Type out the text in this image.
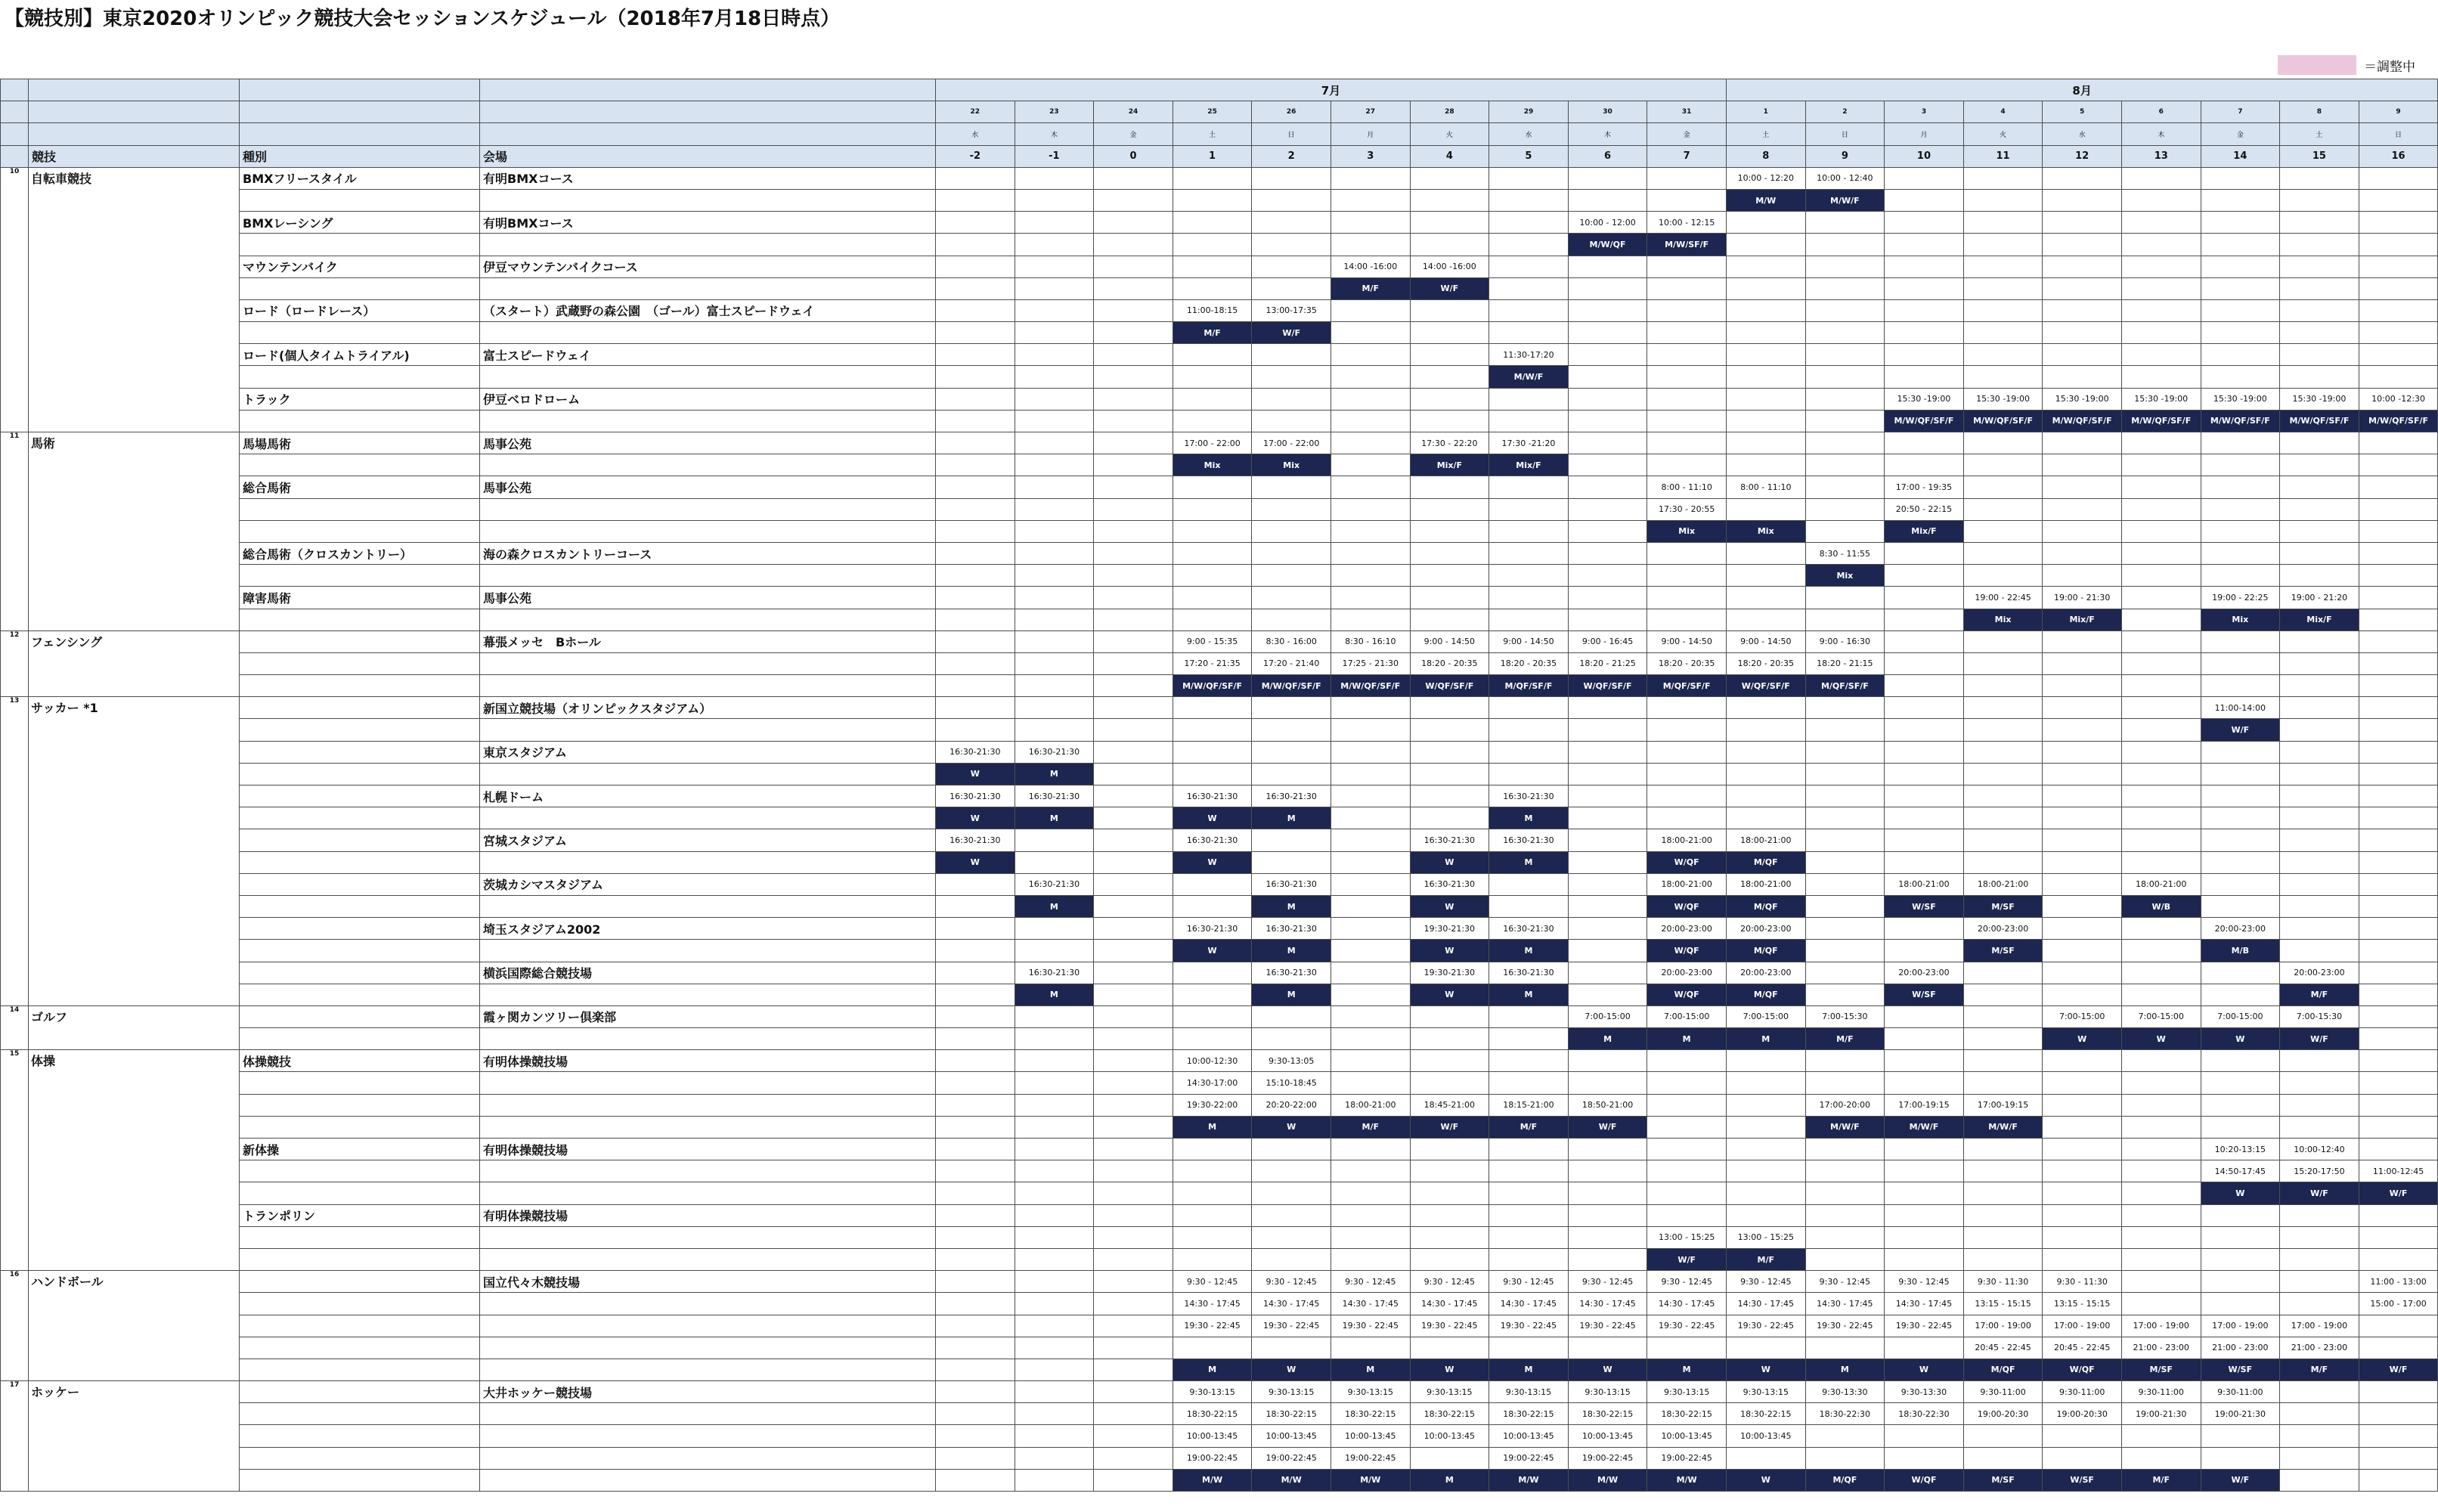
【競技別】東京2020オリンピック競技大会セッションスケジュール（2018年7月18日時点）
＝調整中
				7月										8月								
				22	23	24	25	26	27	28	29	30	31	1	2	3	4	5	6	7	8	9
				水	木	金	土	日	月	火	水	木	金	土	日	月	火	水	木	金	土	日
	競技	種別	会場	-2	-1	0	1	2	3	4	5	6	7	8	9	10	11	12	13	14	15	16
10	自転車競技	BMXフリースタイル	有明BMXコース											10:00 - 12:20	10:00 - 12:40							
														M/W	M/W/F							
		BMXレーシング	有明BMXコース									10:00 - 12:00	10:00 - 12:15									
												M/W/QF	M/W/SF/F									
		マウンテンバイク	伊豆マウンテンバイクコース						14:00 -16:00	14:00 -16:00												
									M/F	W/F												
		ロード（ロードレース）	（スタート）武蔵野の森公園　（ゴール）富士スピードウェイ				11:00-18:15	13:00-17:35														
							M/F	W/F														
		ロード(個人タイムトライアル)	富士スピードウェイ								11:30-17:20											
											M/W/F											
		トラック	伊豆ベロドローム													15:30 -19:00	15:30 -19:00	15:30 -19:00	15:30 -19:00	15:30 -19:00	15:30 -19:00	10:00 -12:30
																M/W/QF/SF/F	M/W/QF/SF/F	M/W/QF/SF/F	M/W/QF/SF/F	M/W/QF/SF/F	M/W/QF/SF/F	M/W/QF/SF/F
11	馬術	馬場馬術	馬事公苑				17:00 - 22:00	17:00 - 22:00		17:30 - 22:20	17:30 -21:20											
							Mix	Mix		Mix/F	Mix/F											
		総合馬術	馬事公苑										8:00 - 11:10	8:00 - 11:10		17:00 - 19:35						
													17:30 - 20:55			20:50 - 22:15						
													Mix	Mix		Mix/F						
		総合馬術（クロスカントリー）	海の森クロスカントリーコース												8:30 - 11:55							
															Mix							
		障害馬術	馬事公苑														19:00 - 22:45	19:00 - 21:30		19:00 - 22:25	19:00 - 21:20	
																	Mix	Mix/F		Mix	Mix/F	
12	フェンシング		幕張メッセ　Bホール				9:00 - 15:35	8:30 - 16:00	8:30 - 16:10	9:00 - 14:50	9:00 - 14:50	9:00 - 16:45	9:00 - 14:50	9:00 - 14:50	9:00 - 16:30							
							17:20 - 21:35	17:20 - 21:40	17:25 - 21:30	18:20 - 20:35	18:20 - 20:35	18:20 - 21:25	18:20 - 20:35	18:20 - 20:35	18:20 - 21:15							
							M/W/QF/SF/F	M/W/QF/SF/F	M/W/QF/SF/F	W/QF/SF/F	M/QF/SF/F	W/QF/SF/F	M/QF/SF/F	W/QF/SF/F	M/QF/SF/F							
13	サッカー *1		新国立競技場（オリンピックスタジアム）																	11:00-14:00		
																				W/F		
			東京スタジアム	16:30-21:30	16:30-21:30																	
				W	M																	
			札幌ドーム	16:30-21:30	16:30-21:30		16:30-21:30	16:30-21:30			16:30-21:30											
				W	M		W	M			M											
			宮城スタジアム	16:30-21:30			16:30-21:30			16:30-21:30	16:30-21:30		18:00-21:00	18:00-21:00								
				W			W			W	M		W/QF	M/QF								
			茨城カシマスタジアム		16:30-21:30			16:30-21:30		16:30-21:30			18:00-21:00	18:00-21:00		18:00-21:00	18:00-21:00		18:00-21:00			
					M			M		W			W/QF	M/QF		W/SF	M/SF		W/B			
			埼玉スタジアム2002				16:30-21:30	16:30-21:30		19:30-21:30	16:30-21:30		20:00-23:00	20:00-23:00			20:00-23:00			20:00-23:00		
							W	M		W	M		W/QF	M/QF			M/SF			M/B		
			横浜国際総合競技場		16:30-21:30			16:30-21:30		19:30-21:30	16:30-21:30		20:00-23:00	20:00-23:00		20:00-23:00					20:00-23:00	
					M			M		W	M		W/QF	M/QF		W/SF					M/F	
14	ゴルフ		霞ヶ関カンツリー倶楽部									7:00-15:00	7:00-15:00	7:00-15:00	7:00-15:30			7:00-15:00	7:00-15:00	7:00-15:00	7:00-15:30	
												M	M	M	M/F			W	W	W	W/F	
15	体操	体操競技	有明体操競技場				10:00-12:30	9:30-13:05														
							14:30-17:00	15:10-18:45														
							19:30-22:00	20:20-22:00	18:00-21:00	18:45-21:00	18:15-21:00	18:50-21:00			17:00-20:00	17:00-19:15	17:00-19:15					
							M	W	M/F	W/F	M/F	W/F			M/W/F	M/W/F	M/W/F					
		新体操	有明体操競技場																	10:20-13:15	10:00-12:40	
																				14:50-17:45	15:20-17:50	11:00-12:45
																				W	W/F	W/F
		トランポリン	有明体操競技場																			
													13:00 - 15:25	13:00 - 15:25								
													W/F	M/F								
16	ハンドボール		国立代々木競技場				9:30 - 12:45	9:30 - 12:45	9:30 - 12:45	9:30 - 12:45	9:30 - 12:45	9:30 - 12:45	9:30 - 12:45	9:30 - 12:45	9:30 - 12:45	9:30 - 12:45	9:30 - 11:30	9:30 - 11:30				11:00 - 13:00
							14:30 - 17:45	14:30 - 17:45	14:30 - 17:45	14:30 - 17:45	14:30 - 17:45	14:30 - 17:45	14:30 - 17:45	14:30 - 17:45	14:30 - 17:45	14:30 - 17:45	13:15 - 15:15	13:15 - 15:15				15:00 - 17:00
							19:30 - 22:45	19:30 - 22:45	19:30 - 22:45	19:30 - 22:45	19:30 - 22:45	19:30 - 22:45	19:30 - 22:45	19:30 - 22:45	19:30 - 22:45	19:30 - 22:45	17:00 - 19:00	17:00 - 19:00	17:00 - 19:00	17:00 - 19:00	17:00 - 19:00	
																	20:45 - 22:45	20:45 - 22:45	21:00 - 23:00	21:00 - 23:00	21:00 - 23:00	
							M	W	M	W	M	W	M	W	M	W	M/QF	W/QF	M/SF	W/SF	M/F	W/F
17	ホッケー		大井ホッケー競技場				9:30-13:15	9:30-13:15	9:30-13:15	9:30-13:15	9:30-13:15	9:30-13:15	9:30-13:15	9:30-13:15	9:30-13:30	9:30-13:30	9:30-11:00	9:30-11:00	9:30-11:00	9:30-11:00		
							18:30-22:15	18:30-22:15	18:30-22:15	18:30-22:15	18:30-22:15	18:30-22:15	18:30-22:15	18:30-22:15	18:30-22:30	18:30-22:30	19:00-20:30	19:00-20:30	19:00-21:30	19:00-21:30		
							10:00-13:45	10:00-13:45	10:00-13:45	10:00-13:45	10:00-13:45	10:00-13:45	10:00-13:45	10:00-13:45								
							19:00-22:45	19:00-22:45	19:00-22:45		19:00-22:45	19:00-22:45	19:00-22:45									
							M/W	M/W	M/W	M	M/W	M/W	M/W	W	M/QF	W/QF	M/SF	W/SF	M/F	W/F		
